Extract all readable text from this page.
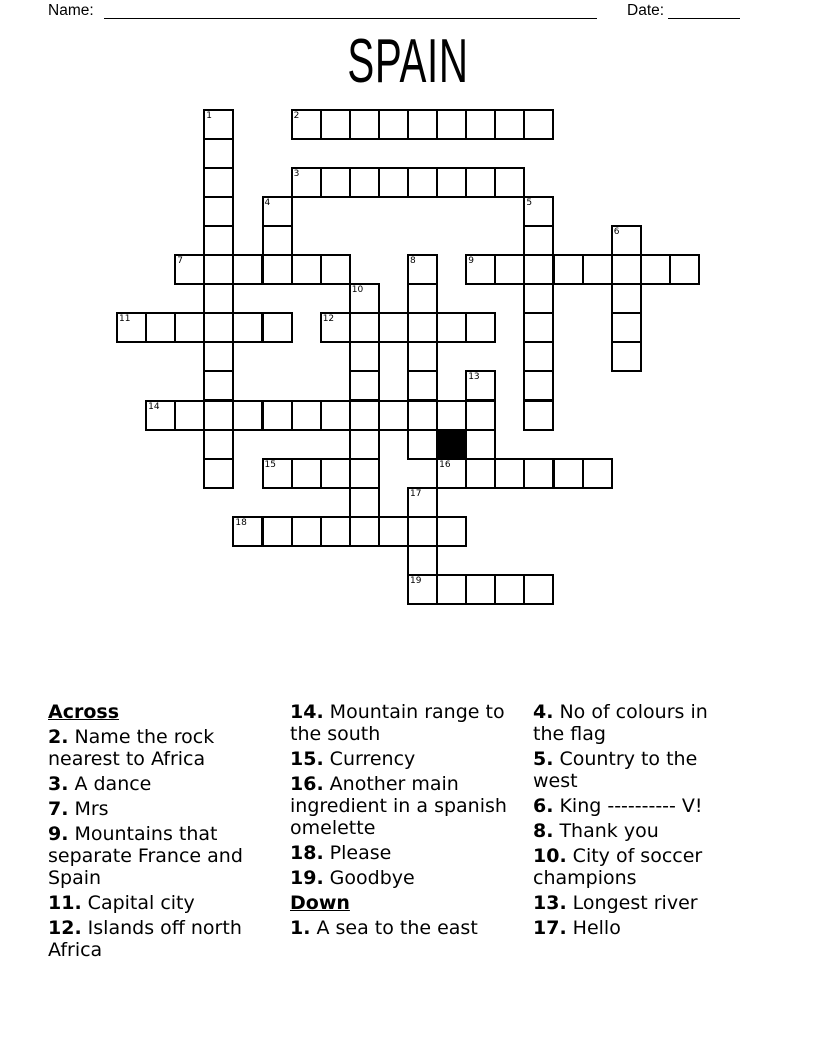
Name:	Date:
SPAIN
1	2
3
4	5
6
7	8	9
10
11	12
13
14
15	16
17
19
18
Across
2. Name the rock nearest to Africa
3. A dance
7. Mrs
9. Mountains that separate France and Spain
11. Capital city
12. Islands off north Africa
14. Mountain range to the south
15. Currency
16. Another main ingredient in a spanish omelette
18. Please
19. Goodbye
Down
1. A sea to the east
4. No of colours in the flag
5. Country to the west
6. King ---------- V!
8. Thank you
10. City of soccer champions
13. Longest river
17. Hello
